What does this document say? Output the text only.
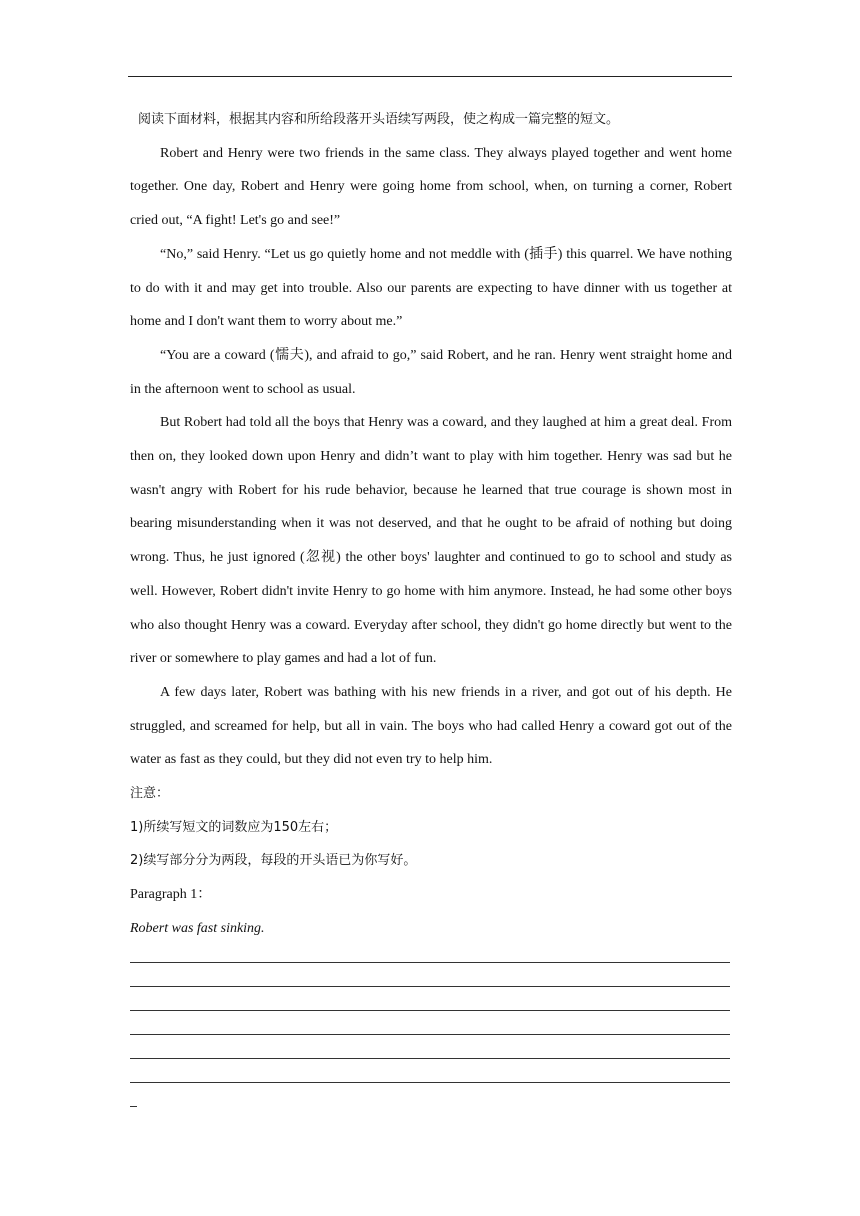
阅读下面材料，根据其内容和所给段落开头语续写两段，使之构成一篇完整的短文。

Robert and Henry were two friends in the same class. They always played together and went home together. One day, Robert and Henry were going home from school, when, on turning a corner, Robert cried out, “A fight! Let's go and see!”

“No,” said Henry. “Let us go quietly home and not meddle with (插手) this quarrel. We have nothing to do with it and may get into trouble. Also our parents are expecting to have dinner with us together at home and I don't want them to worry about me.”

“You are a coward (懦夫), and afraid to go,” said Robert, and he ran. Henry went straight home and in the afternoon went to school as usual.

But Robert had told all the boys that Henry was a coward, and they laughed at him a great deal. From then on, they looked down upon Henry and didn’t want to play with him together. Henry was sad but he wasn't angry with Robert for his rude behavior, because he learned that true courage is shown most in bearing misunderstanding when it was not deserved, and that he ought to be afraid of nothing but doing wrong. Thus, he just ignored (忽视) the other boys' laughter and continued to go to school and study as well. However, Robert didn't invite Henry to go home with him anymore. Instead, he had some other boys who also thought Henry was a coward. Everyday after school, they didn't go home directly but went to the river or somewhere to play games and had a lot of fun.

A few days later, Robert was bathing with his new friends in a river, and got out of his depth. He struggled, and screamed for help, but all in vain. The boys who had called Henry a coward got out of the water as fast as they could, but they did not even try to help him.

注意：

1)所续写短文的词数应为150左右；

2)续写部分分为两段，每段的开头语已为你写好。

Paragraph 1：

Robert was fast sinking.
